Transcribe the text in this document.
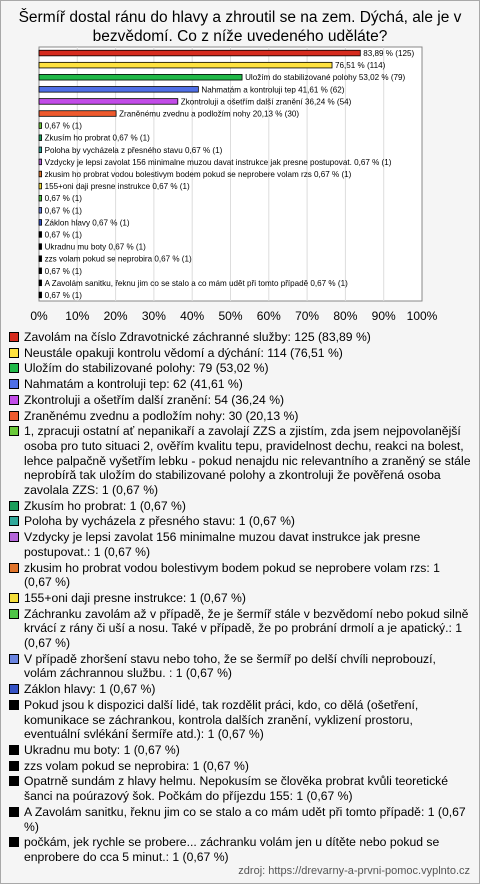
Šermíř dostal ránu do hlavy a zhroutil se na zem. Dýchá, ale je v bezvědomí. Co z níže uvedeného uděláte?
0% 10% 20% 30% 40% 50% 60% 70% 80% 90% 100%
83,89 % (125)
76,51 % (114)
Uložím do stabilizované polohy 53,02 % (79)
Nahmatám a kontroluji tep 41,61 % (62)
Zkontroluji a ošetřím další zranění 36,24 % (54)
Zraněnému zvednu a podložím nohy 20,13 % (30)
0,67 % (1)
Zkusím ho probrat 0,67 % (1)
Poloha by vycházela z přesného stavu 0,67 % (1)
Vzdycky je lepsi zavolat 156 minimalne muzou davat instrukce jak presne postupovat. 0,67 % (1)
zkusim ho probrat vodou bolestivym bodem pokud se neprobere volam rzs 0,67 % (1)
155+oni daji presne instrukce 0,67 % (1)
0,67 % (1)
0,67 % (1)
Záklon hlavy 0,67 % (1)
0,67 % (1)
Ukradnu mu boty 0,67 % (1)
zzs volam pokud se neprobira 0,67 % (1)
0,67 % (1)
A Zavolám sanitku, řeknu jim co se stalo a co mám udět při tomto případě 0,67 % (1)
0,67 % (1)
Zavolám na číslo Zdravotnické záchranné služby: 125 (83,89 %)
Neustále opakuji kontrolu vědomí a dýchání: 114 (76,51 %)
Uložím do stabilizované polohy: 79 (53,02 %)
Nahmatám a kontroluji tep: 62 (41,61 %)
Zkontroluji a ošetřím další zranění: 54 (36,24 %)
Zraněnému zvednu a podložím nohy: 30 (20,13 %)
1, zpracuji ostatní ať nepanikaří a zavolají ZZS a zjistím, zda jsem nejpovolanější osoba pro tuto situaci 2, ověřím kvalitu tepu, pravidelnost dechu, reakci na bolest, lehce palpačně vyšetřím lebku - pokud nenajdu nic relevantního a zraněný se stále neprobíră tak uložím do stabilizované polohy a zkontroluji že pověřená osoba zavolala ZZS: 1 (0,67 %)
Zkusím ho probrat: 1 (0,67 %)
Poloha by vycházela z přesného stavu: 1 (0,67 %)
Vzdycky je lepsi zavolat 156 minimalne muzou davat instrukce jak presne postupovat.: 1 (0,67 %)
zkusim ho probrat vodou bolestivym bodem pokud se neprobere volam rzs: 1 (0,67 %)
155+oni daji presne instrukce: 1 (0,67 %)
Záchranku zavolám až v případě, že je šermíř stále v bezvědomí nebo pokud silně krvácí z rány či uší a nosu. Také v případě, že po probrání drmolí a je apatický.: 1 (0,67 %)
V případě zhoršení stavu nebo toho, že se šermíř po delší chvíli neprobouzí, volám záchrannou službu. : 1 (0,67 %)
Záklon hlavy: 1 (0,67 %)
Pokud jsou k dispozici další lidé, tak rozdělit práci, kdo, co dělá (ošetření, komunikace se záchrankou, kontrola dalších zranění, vyklizení prostoru, eventuální svlékání šermíře atd.): 1 (0,67 %)
Ukradnu mu boty: 1 (0,67 %)
zzs volam pokud se neprobira: 1 (0,67 %)
Opatrně sundám z hlavy helmu. Nepokusím se člověka probrat kvůli teoretické šanci na poúrazový šok. Počkám do příjezdu 155: 1 (0,67 %)
A Zavolám sanitku, řeknu jim co se stalo a co mám udět při tomto případě: 1 (0,67 %)
počkám, jek rychle se probere... záchranku volám jen u dítěte nebo pokud se enprobere do cca 5 minut.: 1 (0,67 %)
zdroj: https://drevarny-a-prvni-pomoc.vyplnto.cz
